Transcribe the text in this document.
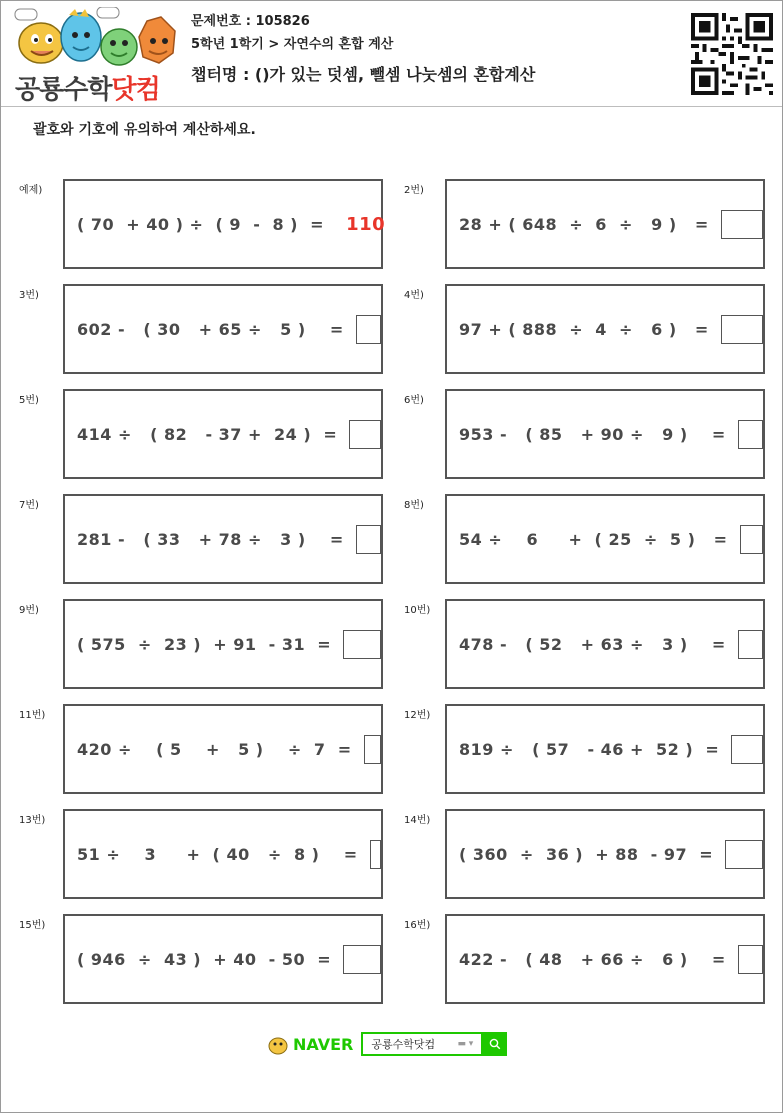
공룡수학닷컴
문제번호 : 105826
5학년 1학기 > 자연수의 혼합 계산
챕터명 : ()가 있는 덧셈, 뺄셈 나눗셈의 혼합계산
괄호와 기호에 유의하여 계산하세요.
예제)
( 70  + 40 ) ÷  ( 9  -  8 )  = 110
2번)
28 + ( 648  ÷  6  ÷   9 )   =
3번)
602 -   ( 30   + 65 ÷   5 )    =
4번)
97 + ( 888  ÷  4  ÷   6 )   =
5번)
414 ÷   ( 82   - 37 +  24 )  =
6번)
953 -   ( 85   + 90 ÷   9 )    =
7번)
281 -   ( 33   + 78 ÷   3 )    =
8번)
54 ÷    6     +  ( 25  ÷  5 )   =
9번)
( 575  ÷  23 )  + 91  - 31  =
10번)
478 -   ( 52   + 63 ÷   3 )    =
11번)
420 ÷    ( 5    +   5 )    ÷  7  =
12번)
819 ÷   ( 57   - 46 +  52 )  =
13번)
51 ÷    3     +  ( 40   ÷  8 )    =
14번)
( 360  ÷  36 )  + 88  - 97  =
15번)
( 946  ÷  43 )  + 40  - 50  =
16번)
422 -   ( 48   + 66 ÷   6 )    =
NAVER 공룡수학닷컴 ▬ ▾
